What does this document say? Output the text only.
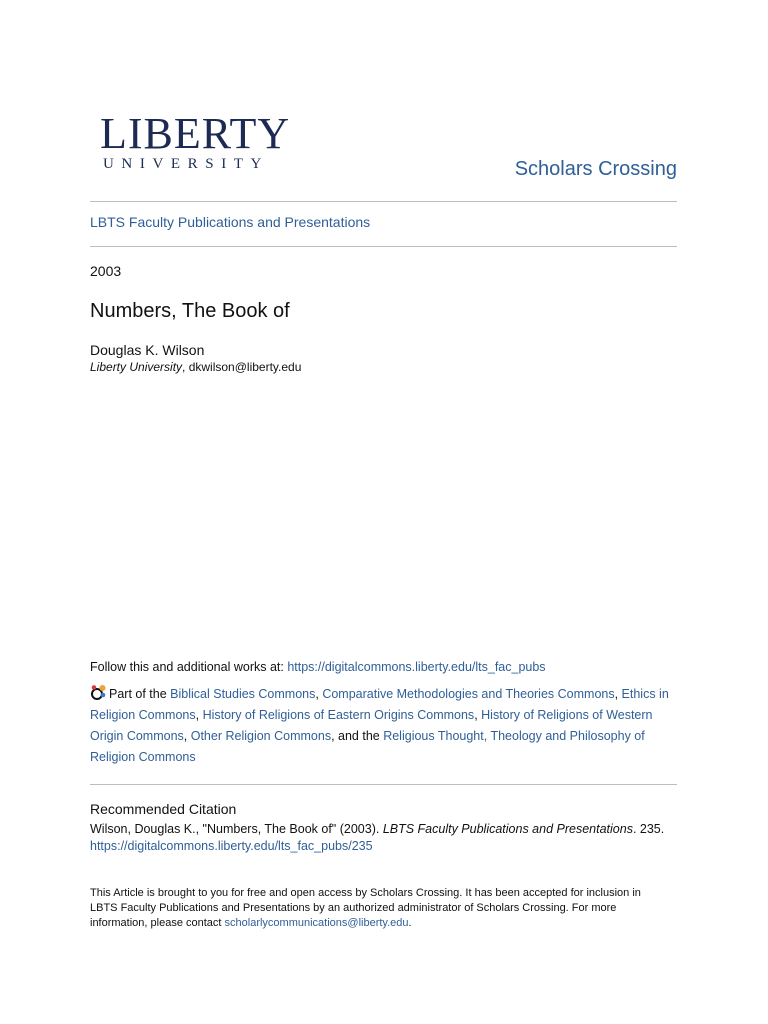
LIBERTY
UNIVERSITY	Scholars Crossing
LBTS Faculty Publications and Presentations
2003
Numbers, The Book of
Douglas K. Wilson
Liberty University, dkwilson@liberty.edu
Follow this and additional works at: https://digitalcommons.liberty.edu/lts_fac_pubs
Part of the Biblical Studies Commons, Comparative Methodologies and Theories Commons, Ethics in Religion Commons, History of Religions of Eastern Origins Commons, History of Religions of Western Origin Commons, Other Religion Commons, and the Religious Thought, Theology and Philosophy of Religion Commons
Recommended Citation
Wilson, Douglas K., "Numbers, The Book of" (2003). LBTS Faculty Publications and Presentations. 235.
https://digitalcommons.liberty.edu/lts_fac_pubs/235
This Article is brought to you for free and open access by Scholars Crossing. It has been accepted for inclusion in LBTS Faculty Publications and Presentations by an authorized administrator of Scholars Crossing. For more information, please contact scholarlycommunications@liberty.edu.
